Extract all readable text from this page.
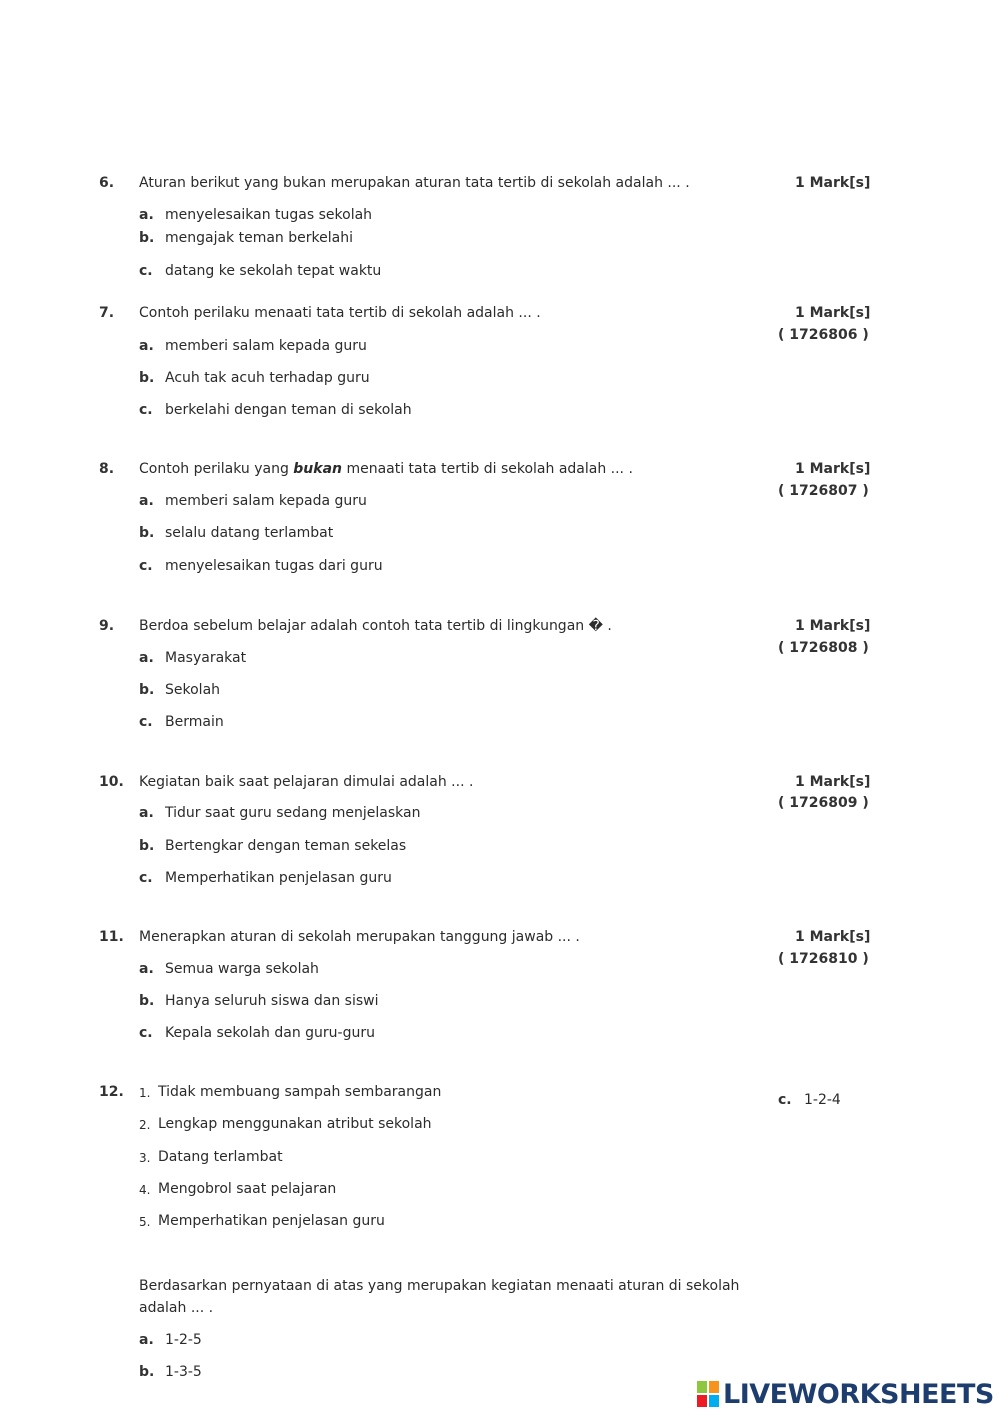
6. Aturan berikut yang bukan merupakan aturan tata tertib di sekolah adalah ... .	1 Mark[s]
a. menyelesaikan tugas sekolah
b. mengajak teman berkelahi
c. datang ke sekolah tepat waktu
7. Contoh perilaku menaati tata tertib di sekolah adalah ... .	1 Mark[s]
( 1726806 )
a. memberi salam kepada guru
b. Acuh tak acuh terhadap guru
c. berkelahi dengan teman di sekolah
8. Contoh perilaku yang bukan menaati tata tertib di sekolah adalah ... .	1 Mark[s]
( 1726807 )
a. memberi salam kepada guru
b. selalu datang terlambat
c. menyelesaikan tugas dari guru
9. Berdoa sebelum belajar adalah contoh tata tertib di lingkungan � .	1 Mark[s]
( 1726808 )
a. Masyarakat
b. Sekolah
c. Bermain
10. Kegiatan baik saat pelajaran dimulai adalah ... .	1 Mark[s]
( 1726809 )
a. Tidur saat guru sedang menjelaskan
b. Bertengkar dengan teman sekelas
c. Memperhatikan penjelasan guru
11. Menerapkan aturan di sekolah merupakan tanggung jawab ... .	1 Mark[s]
( 1726810 )
a. Semua warga sekolah
b. Hanya seluruh siswa dan siswi
c. Kepala sekolah dan guru-guru
12. 1. Tidak membuang sampah sembarangan
2. Lengkap menggunakan atribut sekolah
3. Datang terlambat
4. Mengobrol saat pelajaran
5. Memperhatikan penjelasan guru
c. 1-2-4
Berdasarkan pernyataan di atas yang merupakan kegiatan menaati aturan di sekolah
adalah ... .
a. 1-2-5
b. 1-3-5
LIVEWORKSHEETS
